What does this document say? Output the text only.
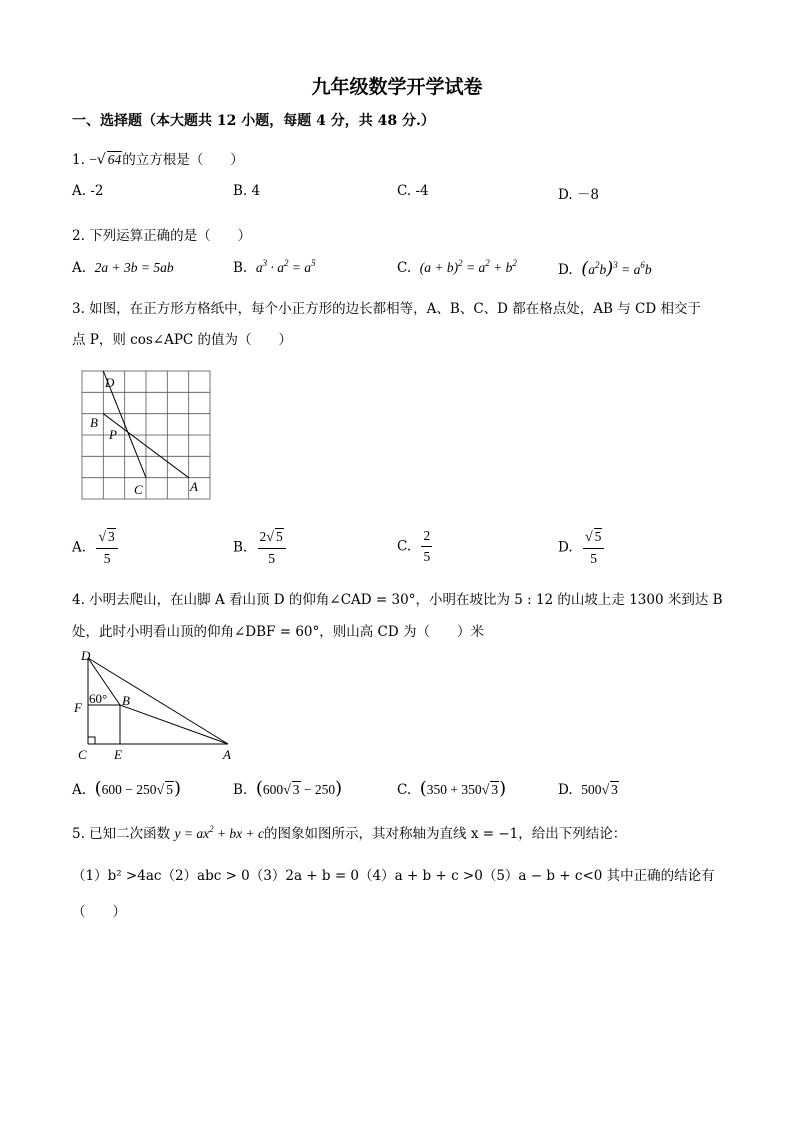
九年级数学开学试卷
一、选择题（本大题共 12 小题，每题 4 分，共 48 分.）
1. −√ 64的立方根是（　　）
A. -2	B. 4	C. -4	D. －8
2. 下列运算正确的是（　　）
A. 2a + 3b = 5ab	B. $a^3 \cdot a^2 = a^5$	C. $(a + b)^2 = a^2 + b^2$	D. $(a^2b)^3 = a^6b$
3. 如图，在正方形方格纸中，每个小正方形的边长都相等，A、B、C、D 都在格点处，AB 与 CD 相交于
点 P，则 cos∠APC 的值为（　　）
D
B
P
C	A
A. $\frac{√ 3}{5}$	B. $\frac{2√ 5}{5}$	C. $\frac{2}{5}$	D. $\frac{√ 5}{5}$
4. 小明去爬山，在山脚 A 看山顶 D 的仰角∠CAD = 30°，小明在坡比为 5 : 12 的山坡上走 1300 米到达 B
处，此时小明看山顶的仰角∠DBF = 60°，则山高 CD 为（　　）米
D
F
60° B
C E	A
A. (600 − 250√ 5)	B. (600√ 3 − 250)	C. (350 + 350√ 3)	D. 500√ 3
5. 已知二次函数 $y = ax^2$ + bx + c的图象如图所示，其对称轴为直线 x = −1，给出下列结论：
（1）b² >4ac（2）abc > 0（3）2a + b = 0（4）a + b + c >0（5）a − b + c<0 其中正确的结论有
（　　）
